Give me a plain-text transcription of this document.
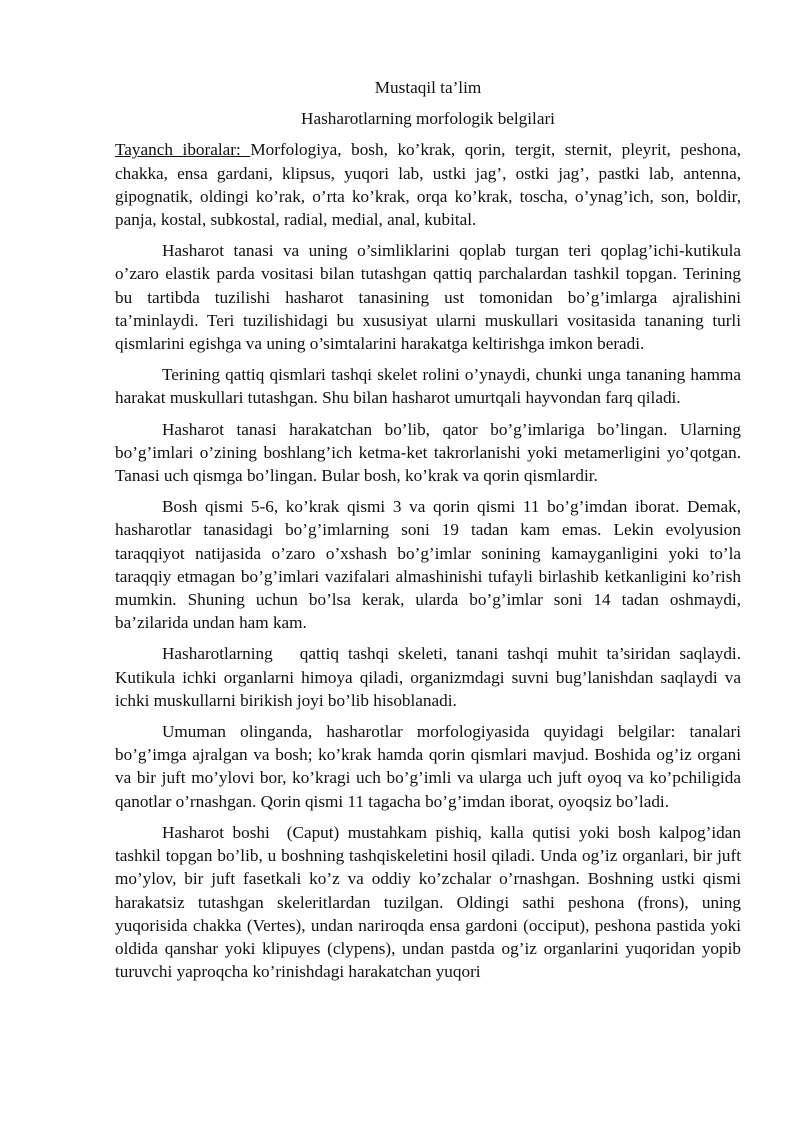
Mustaqil ta’lim

Hasharotlarning morfologik belgilari

Tayanch iboralar: Morfologiya, bosh, ko’krak, qorin, tergit, sternit, pleyrit, peshona, chakka, ensa gardani, klipsus, yuqori lab, ustki jag’, ostki jag’, pastki lab, antenna, gipognatik, oldingi ko’rak, o’rta ko’krak, orqa ko’krak, toscha, o’ynag’ich, son, boldir, panja, kostal, subkostal, radial, medial, anal, kubital.

Hasharot tanasi va uning o’simliklarini qoplab turgan teri qoplag’ichi-kutikula o’zaro elastik parda vositasi bilan tutashgan qattiq parchalardan tashkil topgan. Terining bu tartibda tuzilishi hasharot tanasining ust tomonidan bo’g’imlarga ajralishini ta’minlaydi. Teri tuzilishidagi bu xususiyat ularni muskullari vositasida tananing turli qismlarini egishga va uning o’simtalarini harakatga keltirishga imkon beradi.

Terining qattiq qismlari tashqi skelet rolini o’ynaydi, chunki unga tananing hamma harakat muskullari tutashgan. Shu bilan hasharot umurtqali hayvondan farq qiladi.

Hasharot tanasi harakatchan bo’lib, qator bo’g’imlariga bo’lingan. Ularning bo’g’imlari o’zining boshlang’ich ketma-ket takrorlanishi yoki metamerligini yo’qotgan. Tanasi uch qismga bo’lingan. Bular bosh, ko’krak va qorin qismlardir.

Bosh qismi 5-6, ko’krak qismi 3 va qorin qismi 11 bo’g’imdan iborat. Demak, hasharotlar tanasidagi bo’g’imlarning soni 19 tadan kam emas. Lekin evolyusion taraqqiyot natijasida o’zaro o’xshash bo’g’imlar sonining kamayganligini yoki to’la taraqqiy etmagan bo’g’imlari vazifalari almashinishi tufayli birlashib ketkanligini ko’rish mumkin. Shuning uchun bo’lsa kerak, ularda bo’g’imlar soni 14 tadan oshmaydi, ba’zilarida undan ham kam.

Hasharotlarning   qattiq tashqi skeleti, tanani tashqi muhit ta’siridan saqlaydi. Kutikula ichki organlarni himoya qiladi, organizmdagi suvni bug’lanishdan saqlaydi va ichki muskullarni birikish joyi bo’lib hisoblanadi.

Umuman olinganda, hasharotlar morfologiyasida quyidagi belgilar: tanalari bo’g’imga ajralgan va bosh; ko’krak hamda qorin qismlari mavjud. Boshida og’iz organi va bir juft mo’ylovi bor, ko’kragi uch bo’g’imli va ularga uch juft oyoq va ko’pchiligida qanotlar o’rnashgan. Qorin qismi 11 tagacha bo’g’imdan iborat, oyoqsiz bo’ladi.

Hasharot boshi  (Caput) mustahkam pishiq, kalla qutisi yoki bosh kalpog’idan tashkil topgan bo’lib, u boshning tashqiskeletini hosil qiladi. Unda og’iz organlari, bir juft mo’ylov, bir juft fasetkali ko’z va oddiy ko’zchalar o’rnashgan. Boshning ustki qismi harakatsiz tutashgan skeleritlardan tuzilgan. Oldingi sathi peshona (frons), uning yuqorisida chakka (Vertes), undan nariroqda ensa gardoni (occiput), peshona pastida yoki oldida qanshar yoki klipuyes (clypens), undan pastda og’iz organlarini yuqoridan yopib turuvchi yaproqcha ko’rinishdagi harakatchan yuqori
